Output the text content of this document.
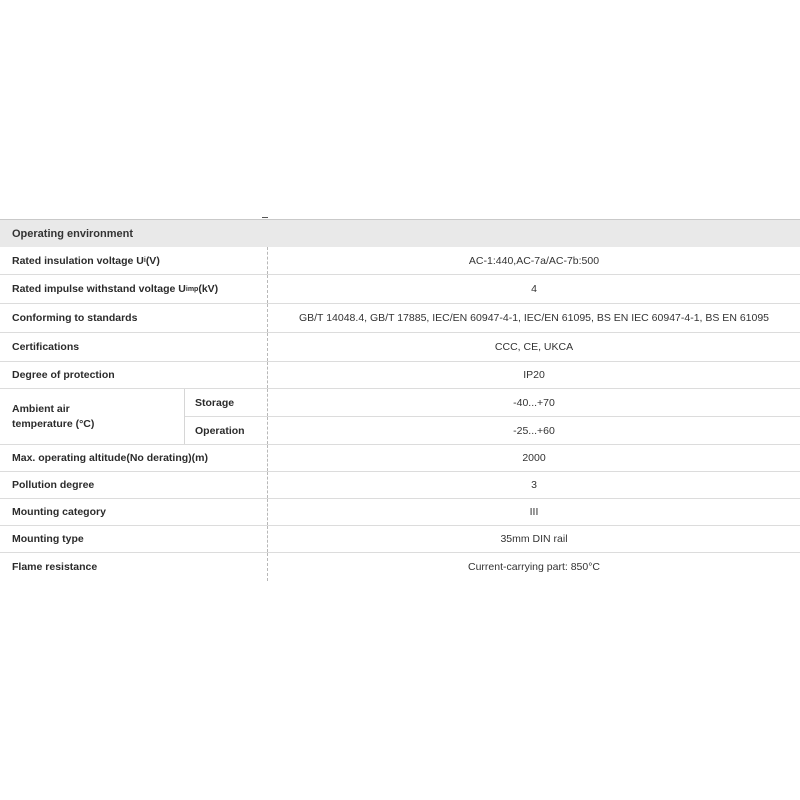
Operating environment
Rated insulation voltage U i (V)	AC-1:440,AC-7a/AC-7b:500
Rated impulse withstand voltage U imp (kV)	4
Conforming to standards	GB/T 14048.4, GB/T 17885, IEC/EN 60947-4-1, IEC/EN 61095, BS EN IEC 60947-4-1, BS EN 61095
Certifications	CCC, CE, UKCA
Degree of protection	IP20
Ambient air temperature (°C)
Storage	-40...+70
Operation	-25...+60
Max. operating altitude(No derating)(m)	2000
Pollution degree	3
Mounting category	III
Mounting type	35mm DIN rail
Flame resistance	Current-carrying part: 850°C
